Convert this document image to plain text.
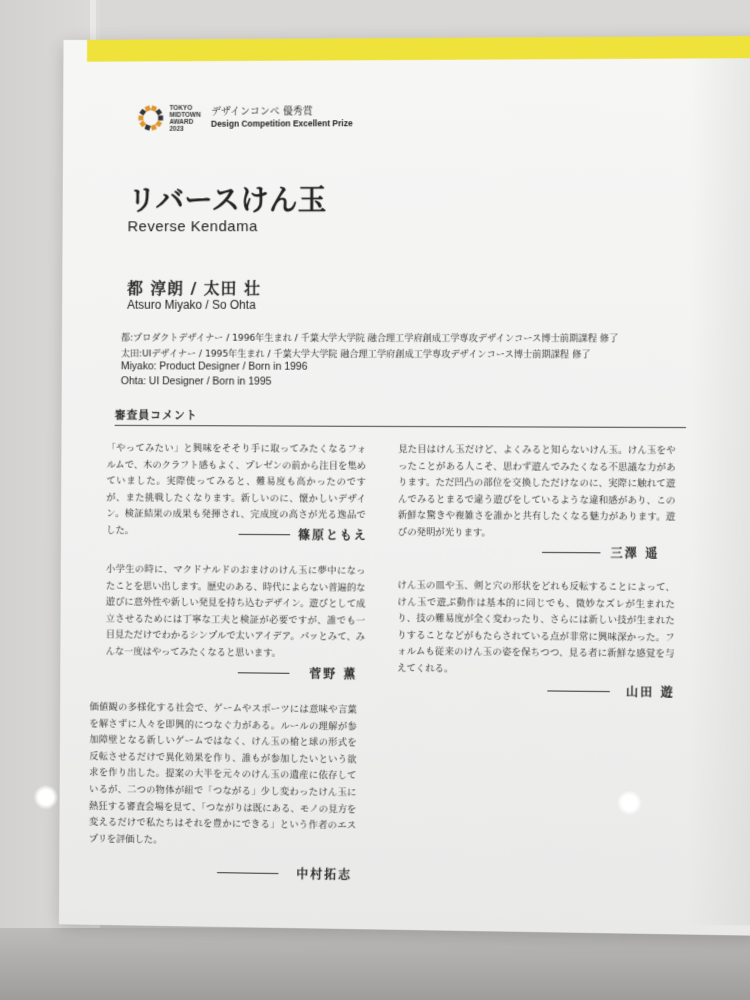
TOKYO
MIDTOWN
AWARD
2023
デザインコンペ 優秀賞
Design Competition Excellent Prize
リバースけん玉
Reverse Kendama
都 淳朗 / 太田 壮
Atsuro Miyako / So Ohta
都:プロダクトデザイナー / 1996年生まれ / 千葉大学大学院 融合理工学府創成工学専攻デザインコース博士前期課程 修了
太田:UIデザイナー / 1995年生まれ / 千葉大学大学院 融合理工学府創成工学専攻デザインコース博士前期課程 修了
Miyako: Product Designer / Born in 1996
Ohta: UI Designer / Born in 1995
審査員コメント
「やってみたい」と興味をそそり手に取ってみたくなるフォルムで、木のクラフト感もよく、プレゼンの前から注目を集めていました。実際使ってみると、難易度も高かったのですが、また挑戦したくなります。新しいのに、懐かしいデザイン。検証結果の成果も発揮され、完成度の高さが光る逸品でした。	篠原ともえ
小学生の時に、マクドナルドのおまけのけん玉に夢中になったことを思い出します。歴史のある、時代によらない普遍的な遊びに意外性や新しい発見を持ち込むデザイン。遊びとして成立させるためには丁寧な工夫と検証が必要ですが、誰でも一目見ただけでわかるシンプルで太いアイデア。パッとみて、みんな一度はやってみたくなると思います。
菅野 薫
価値観の多様化する社会で、ゲームやスポーツには意味や言葉を解さずに人々を即興的につなぐ力がある。ルールの理解が参加障壁となる新しいゲームではなく、けん玉の槍と球の形式を反転させるだけで異化効果を作り、誰もが参加したいという欲求を作り出した。提案の大半を元々のけん玉の遺産に依存しているが、二つの物体が紐で「つながる」少し変わったけん玉に熱狂する審査会場を見て、「つながりは既にある、モノの見方を変えるだけで私たちはそれを豊かにできる」という作者のエスプリを評価した。
中村拓志
見た目はけん玉だけど、よくみると知らないけん玉。けん玉をやったことがある人こそ、思わず遊んでみたくなる不思議な力があります。ただ凹凸の部位を交換しただけなのに、実際に触れて遊んでみるとまるで違う遊びをしているような違和感があり、この新鮮な驚きや複雑さを誰かと共有したくなる魅力があります。遊びの発明が光ります。
三澤 遥
けん玉の皿や玉、剣と穴の形状をどれも反転することによって、けん玉で遊ぶ動作は基本的に同じでも、微妙なズレが生まれたり、技の難易度が全く変わったり、さらには新しい技が生まれたりすることなどがもたらされている点が非常に興味深かった。フォルムも従来のけん玉の姿を保ちつつ、見る者に新鮮な感覚を与えてくれる。
山田 遊
